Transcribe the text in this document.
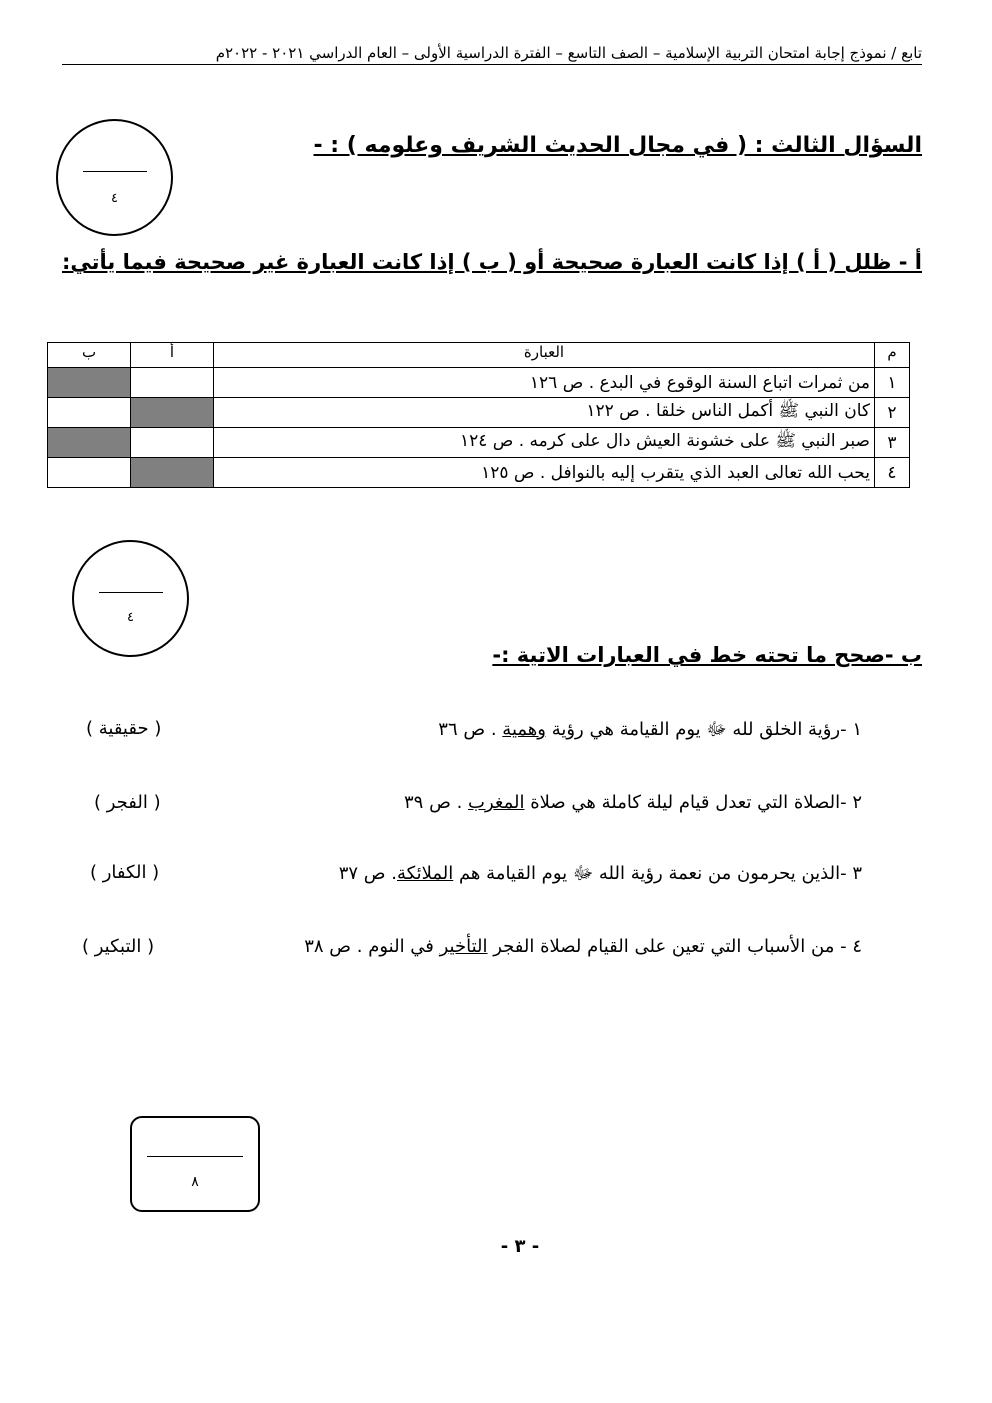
تابع / نموذج إجابة امتحان التربية الإسلامية – الصف التاسع – الفترة الدراسية الأولى – العام الدراسي ٢٠٢١ - ٢٠٢٢م
السؤال الثالث : ( في مجال الحديث الشريف وعلومه ) : -
٤
أ - ظلل ( أ ) إذا كانت العبارة صحيحة أو ( ب ) إذا كانت العبارة غير صحيحة فيما يأتي:
م	العبارة	أ	ب
١	من ثمرات اتباع السنة الوقوع في البدع . ص ١٢٦		
٢	كان النبي ﷺ أكمل الناس خلقا . ص ١٢٢		
٣	صبر النبي ﷺ على خشونة العيش دال على كرمه . ص ١٢٤		
٤	يحب الله تعالى العبد الذي يتقرب إليه بالنوافل . ص ١٢٥		
٤
ب -صحح ما تحته خط في العبارات الاتية :-
١ -رؤية الخلق لله ﷻ يوم القيامة هي رؤية وهمية . ص ٣٦
( حقيقية )
٢ -الصلاة التي تعدل قيام ليلة كاملة هي صلاة المغرب . ص ٣٩
( الفجر )
٣ -الذين يحرمون من نعمة رؤية الله ﷻ يوم القيامة هم الملائكة. ص ٣٧
( الكفار )
٤ - من الأسباب التي تعين على القيام لصلاة الفجر التأخير في النوم . ص ٣٨
( التبكير )
٨
- ٣ -
